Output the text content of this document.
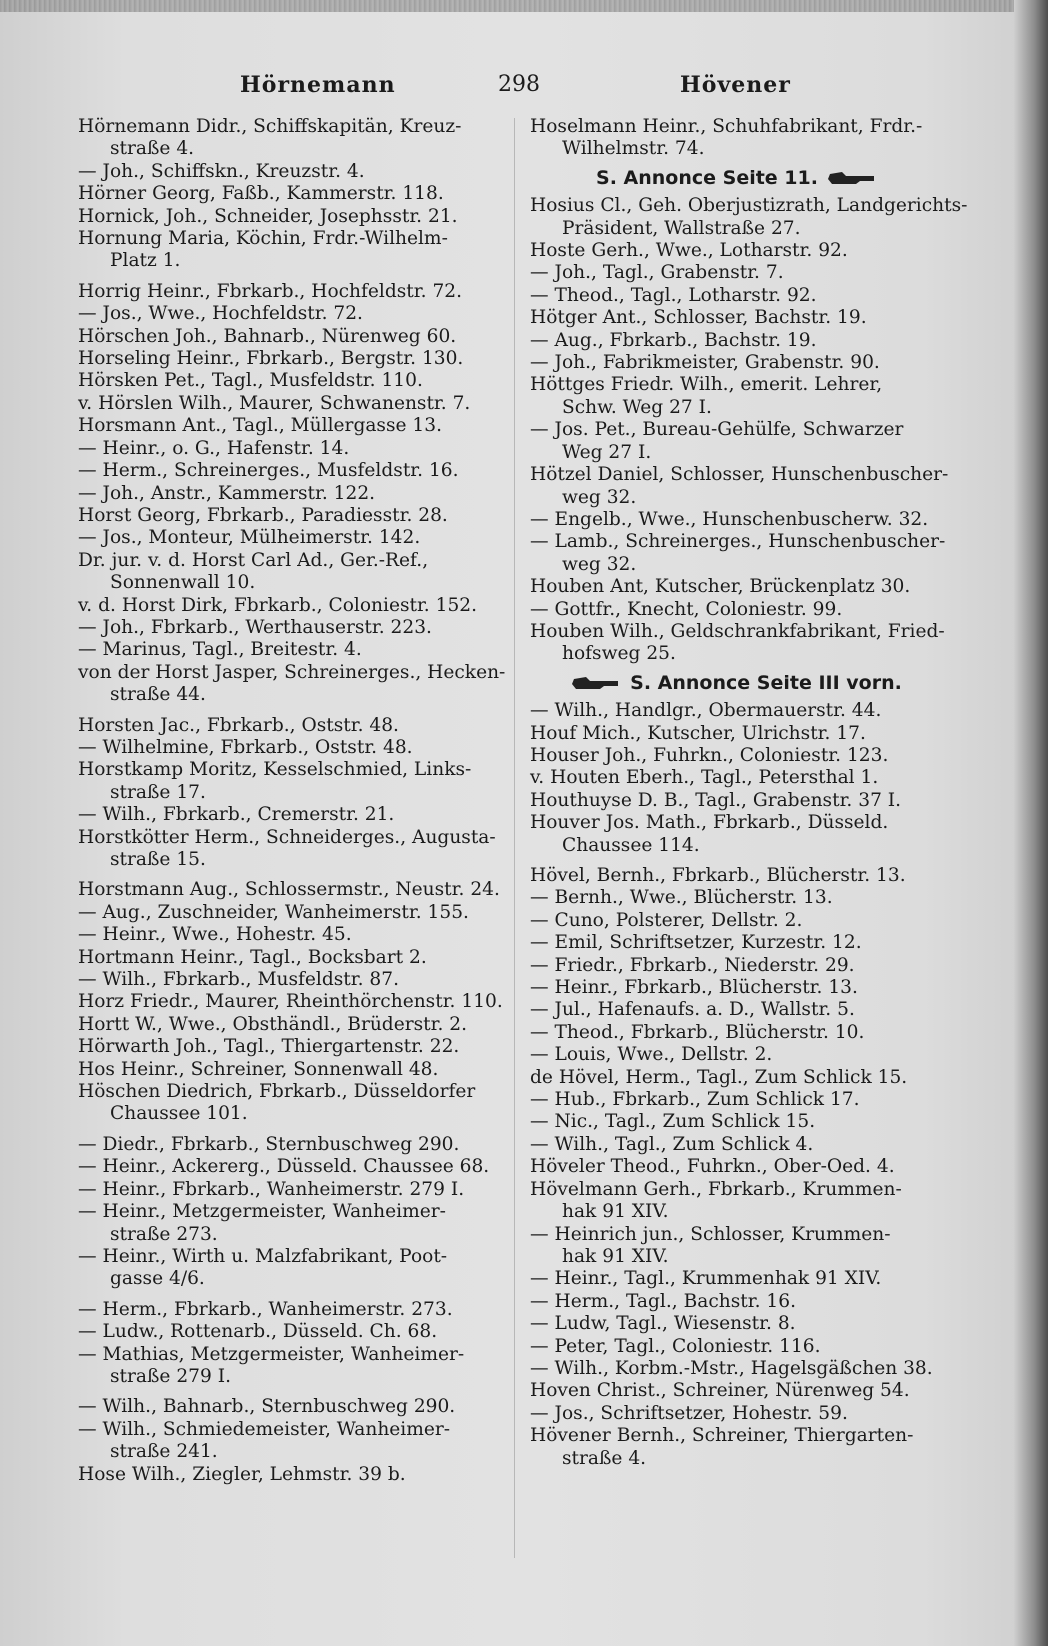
Hörnemann	298	Hövener
Hörnemann Didr., Schiffskapitän, Kreuz-
straße 4.
— Joh., Schiffskn., Kreuzstr. 4.
Hörner Georg, Faßb., Kammerstr. 118.
Hornick, Joh., Schneider, Josephsstr. 21.
Hornung Maria, Köchin, Frdr.-Wilhelm-
Platz 1.
Horrig Heinr., Fbrkarb., Hochfeldstr. 72.
— Jos., Wwe., Hochfeldstr. 72.
Hörschen Joh., Bahnarb., Nürenweg 60.
Horseling Heinr., Fbrkarb., Bergstr. 130.
Hörsken Pet., Tagl., Musfeldstr. 110.
v. Hörslen Wilh., Maurer, Schwanenstr. 7.
Horsmann Ant., Tagl., Müllergasse 13.
— Heinr., o. G., Hafenstr. 14.
— Herm., Schreinerges., Musfeldstr. 16.
— Joh., Anstr., Kammerstr. 122.
Horst Georg, Fbrkarb., Paradiesstr. 28.
— Jos., Monteur, Mülheimerstr. 142.
Dr. jur. v. d. Horst Carl Ad., Ger.-Ref.,
Sonnenwall 10.
v. d. Horst Dirk, Fbrkarb., Coloniestr. 152.
— Joh., Fbrkarb., Werthauserstr. 223.
— Marinus, Tagl., Breitestr. 4.
von der Horst Jasper, Schreinerges., Hecken-
straße 44.
Horsten Jac., Fbrkarb., Oststr. 48.
— Wilhelmine, Fbrkarb., Oststr. 48.
Horstkamp Moritz, Kesselschmied, Links-
straße 17.
— Wilh., Fbrkarb., Cremerstr. 21.
Horstkötter Herm., Schneiderges., Augusta-
straße 15.
Horstmann Aug., Schlossermstr., Neustr. 24.
— Aug., Zuschneider, Wanheimerstr. 155.
— Heinr., Wwe., Hohestr. 45.
Hortmann Heinr., Tagl., Bocksbart 2.
— Wilh., Fbrkarb., Musfeldstr. 87.
Horz Friedr., Maurer, Rheinthörchenstr. 110.
Hortt W., Wwe., Obsthändl., Brüderstr. 2.
Hörwarth Joh., Tagl., Thiergartenstr. 22.
Hos Heinr., Schreiner, Sonnenwall 48.
Höschen Diedrich, Fbrkarb., Düsseldorfer
Chaussee 101.
— Diedr., Fbrkarb., Sternbuschweg 290.
— Heinr., Ackererg., Düsseld. Chaussee 68.
— Heinr., Fbrkarb., Wanheimerstr. 279 I.
— Heinr., Metzgermeister, Wanheimer-
straße 273.
— Heinr., Wirth u. Malzfabrikant, Poot-
gasse 4/6.
— Herm., Fbrkarb., Wanheimerstr. 273.
— Ludw., Rottenarb., Düsseld. Ch. 68.
— Mathias, Metzgermeister, Wanheimer-
straße 279 I.
— Wilh., Bahnarb., Sternbuschweg 290.
— Wilh., Schmiedemeister, Wanheimer-
straße 241.
Hose Wilh., Ziegler, Lehmstr. 39 b.
Hoselmann Heinr., Schuhfabrikant, Frdr.-
Wilhelmstr. 74.
S. Annonce Seite 11.
Hosius Cl., Geh. Oberjustizrath, Landgerichts-
Präsident, Wallstraße 27.
Hoste Gerh., Wwe., Lotharstr. 92.
— Joh., Tagl., Grabenstr. 7.
— Theod., Tagl., Lotharstr. 92.
Hötger Ant., Schlosser, Bachstr. 19.
— Aug., Fbrkarb., Bachstr. 19.
— Joh., Fabrikmeister, Grabenstr. 90.
Höttges Friedr. Wilh., emerit. Lehrer,
Schw. Weg 27 I.
— Jos. Pet., Bureau-Gehülfe, Schwarzer
Weg 27 I.
Hötzel Daniel, Schlosser, Hunschenbuscher-
weg 32.
— Engelb., Wwe., Hunschenbuscherw. 32.
— Lamb., Schreinerges., Hunschenbuscher-
weg 32.
Houben Ant, Kutscher, Brückenplatz 30.
— Gottfr., Knecht, Coloniestr. 99.
Houben Wilh., Geldschrankfabrikant, Fried-
hofsweg 25.
S. Annonce Seite III vorn.
— Wilh., Handlgr., Obermauerstr. 44.
Houf Mich., Kutscher, Ulrichstr. 17.
Houser Joh., Fuhrkn., Coloniestr. 123.
v. Houten Eberh., Tagl., Petersthal 1.
Houthuyse D. B., Tagl., Grabenstr. 37 I.
Houver Jos. Math., Fbrkarb., Düsseld.
Chaussee 114.
Hövel, Bernh., Fbrkarb., Blücherstr. 13.
— Bernh., Wwe., Blücherstr. 13.
— Cuno, Polsterer, Dellstr. 2.
— Emil, Schriftsetzer, Kurzestr. 12.
— Friedr., Fbrkarb., Niederstr. 29.
— Heinr., Fbrkarb., Blücherstr. 13.
— Jul., Hafenaufs. a. D., Wallstr. 5.
— Theod., Fbrkarb., Blücherstr. 10.
— Louis, Wwe., Dellstr. 2.
de Hövel, Herm., Tagl., Zum Schlick 15.
— Hub., Fbrkarb., Zum Schlick 17.
— Nic., Tagl., Zum Schlick 15.
— Wilh., Tagl., Zum Schlick 4.
Höveler Theod., Fuhrkn., Ober-Oed. 4.
Hövelmann Gerh., Fbrkarb., Krummen-
hak 91 XIV.
— Heinrich jun., Schlosser, Krummen-
hak 91 XIV.
— Heinr., Tagl., Krummenhak 91 XIV.
— Herm., Tagl., Bachstr. 16.
— Ludw, Tagl., Wiesenstr. 8.
— Peter, Tagl., Coloniestr. 116.
— Wilh., Korbm.-Mstr., Hagelsgäßchen 38.
Hoven Christ., Schreiner, Nürenweg 54.
— Jos., Schriftsetzer, Hohestr. 59.
Hövener Bernh., Schreiner, Thiergarten-
straße 4.
